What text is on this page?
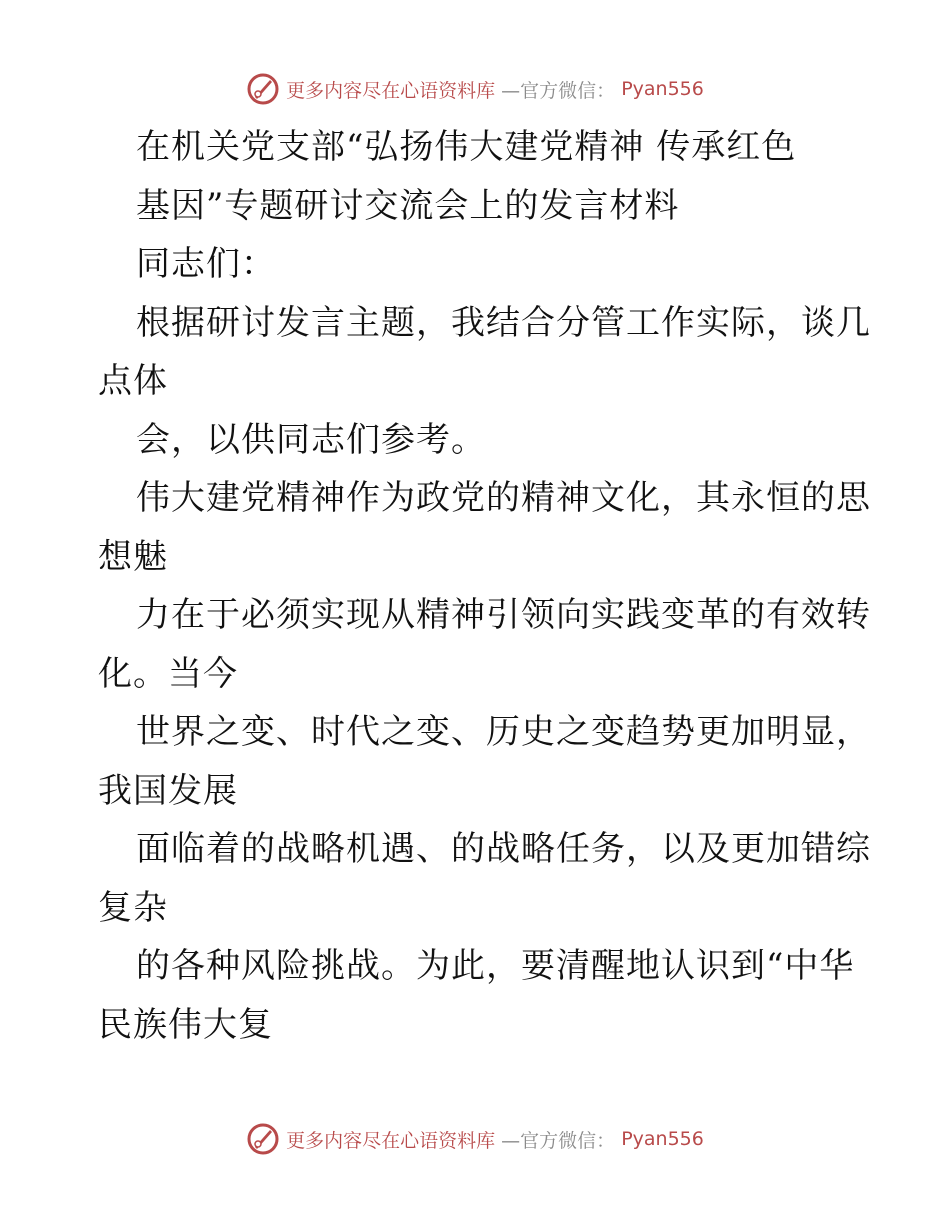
更多内容尽在心语资料库 —官方微信： Pyan556
在机关党支部“弘扬伟大建党精神 传承红色
基因”专题研讨交流会上的发言材料
同志们：
根据研讨发言主题，我结合分管工作实际，谈几
点体
会，以供同志们参考。
伟大建党精神作为政党的精神文化，其永恒的思
想魅
力在于必须实现从精神引领向实践变革的有效转
化。当今
世界之变、时代之变、历史之变趋势更加明显，
我国发展
面临着的战略机遇、的战略任务，以及更加错综
复杂
的各种风险挑战。为此，要清醒地认识到“中华
民族伟大复
更多内容尽在心语资料库 —官方微信： Pyan556
